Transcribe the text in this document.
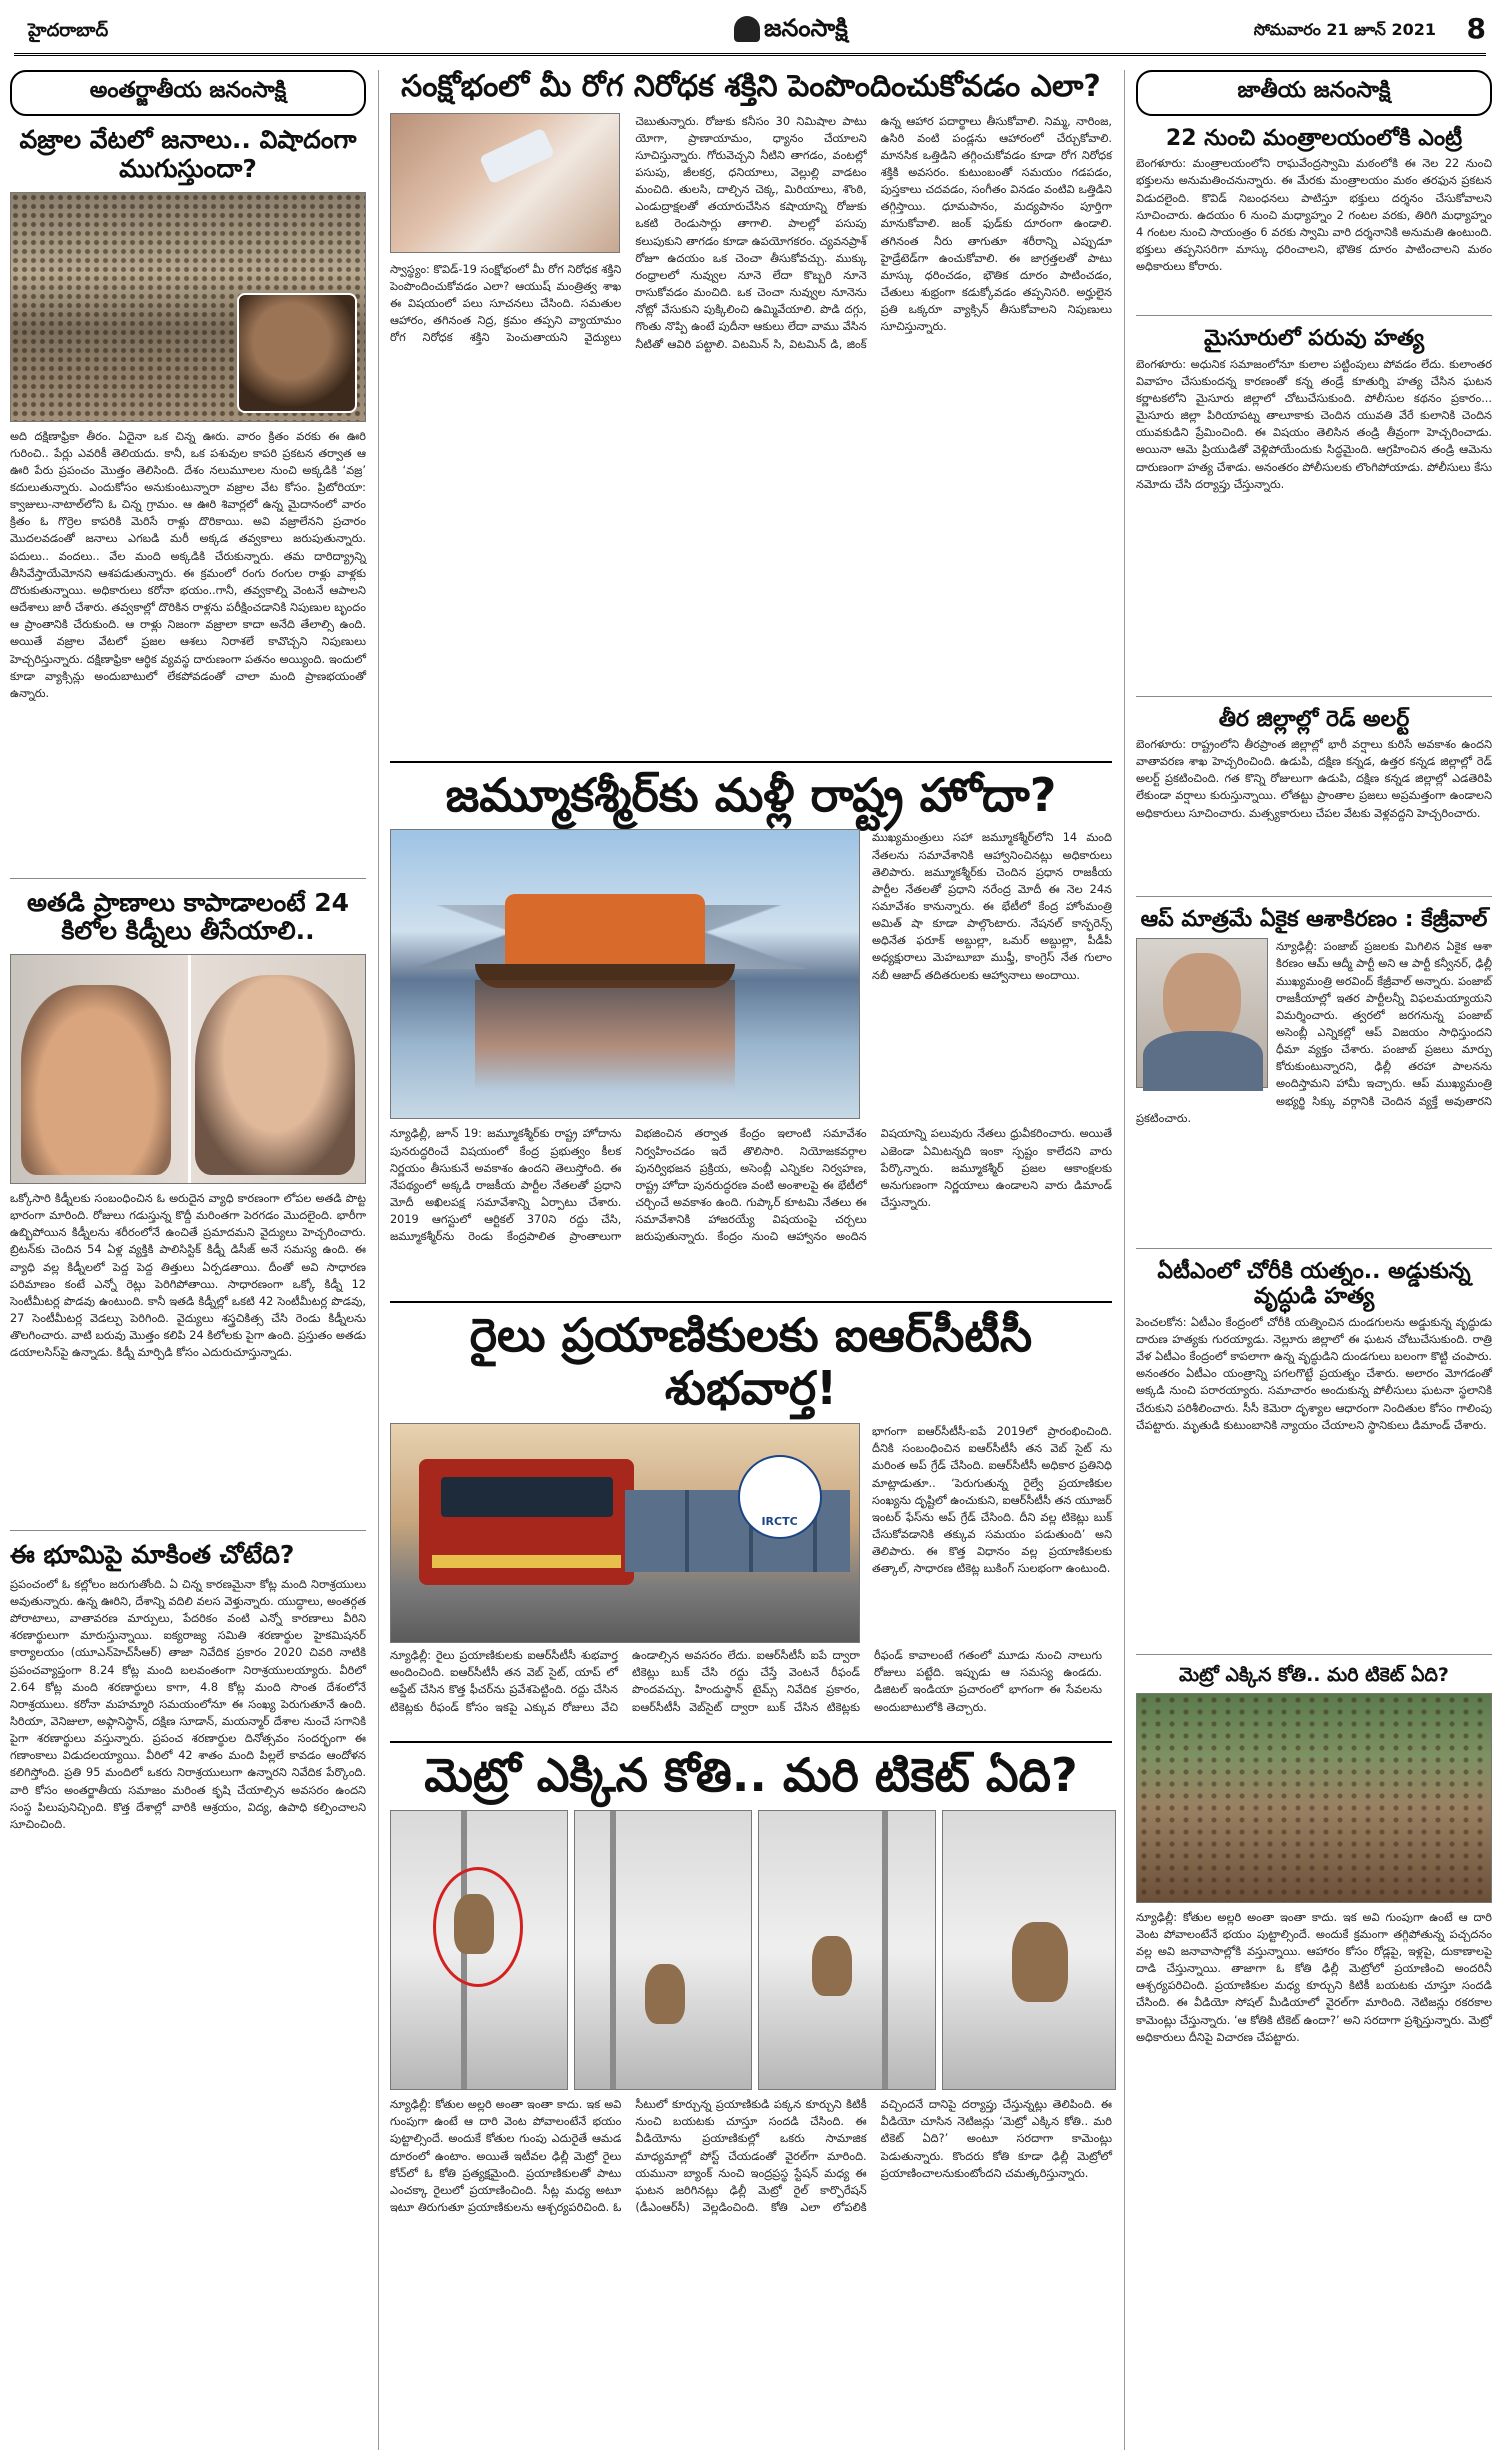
హైదరాబాద్	జనంసాక్షి	సోమవారం 21 జూన్ 2021 8
అంతర్జాతీయ జనంసాక్షి
వజ్రాల వేటలో జనాలు.. విషాదంగా ముగుస్తుందా?
అది దక్షిణాఫ్రికా తీరం. ఏదైనా ఒక చిన్న ఊరు. వారం క్రితం వరకు ఈ ఊరి గురించి.. పేర్లు ఎవరికీ తెలియదు. కానీ, ఒక పశువుల కాపరి ప్రకటన తర్వాత ఆ ఊరి పేరు ప్రపంచం మొత్తం తెలిసింది. దేశం నలుమూలల నుంచి అక్కడికి ‘వజ్ర’ కదులుతున్నారు. ఎందుకోసం అనుకుంటున్నారా వజ్రాల వేట కోసం. ప్రిటోరియా: క్వాజులు-నాటాల్‌లోని ఓ చిన్న గ్రామం. ఆ ఊరి శివార్లలో ఉన్న మైదానంలో వారం క్రితం ఓ గొర్రెల కాపరికి మెరిసే రాళ్లు దొరికాయి. అవి వజ్రాలేనని ప్రచారం మొదలవడంతో జనాలు ఎగబడి మరీ అక్కడ తవ్వకాలు జరుపుతున్నారు. పదులు.. వందలు.. వేల మంది అక్కడికి చేరుకున్నారు. తమ దారిద్య్రాన్ని తీసివేస్తాయేమోనని ఆశపడుతున్నారు. ఈ క్రమంలో రంగు రంగుల రాళ్లు వాళ్లకు దొరుకుతున్నాయి. అధికారులు కరోనా భయం..గానీ, తవ్వకాల్ని వెంటనే ఆపాలని ఆదేశాలు జారీ చేశారు. తవ్వకాల్లో దొరికిన రాళ్లను పరీక్షించడానికి నిపుణుల బృందం ఆ ప్రాంతానికి చేరుకుంది. ఆ రాళ్లు నిజంగా వజ్రాలా కాదా అనేది తేలాల్సి ఉంది. అయితే వజ్రాల వేటలో ప్రజల ఆశలు నిరాశలే కావొచ్చని నిపుణులు హెచ్చరిస్తున్నారు. దక్షిణాఫ్రికా ఆర్థిక వ్యవస్థ దారుణంగా పతనం అయ్యింది. ఇందులో కూడా వ్యాక్సిన్లు అందుబాటులో లేకపోవడంతో చాలా మంది ప్రాణభయంతో ఉన్నారు.
అతడి ప్రాణాలు కాపాడాలంటే 24 కిలోల కిడ్నీలు తీసేయాలి..
ఒక్కోసారి కిడ్నీలకు సంబంధించిన ఓ అరుదైన వ్యాధి కారణంగా లోపల అతడి పొట్ట భారంగా మారింది. రోజులు గడుస్తున్న కొద్దీ మరింతగా పెరగడం మొదలైంది. భారీగా ఉబ్బిపోయిన కిడ్నీలను శరీరంలోనే ఉంచితే ప్రమాదమని వైద్యులు హెచ్చరించారు. బ్రిటన్‌కు చెందిన 54 ఏళ్ల వ్యక్తికి పాలిసిస్టిక్ కిడ్నీ డిసీజ్ అనే సమస్య ఉంది. ఈ వ్యాధి వల్ల కిడ్నీలలో పెద్ద పెద్ద తిత్తులు ఏర్పడతాయి. దీంతో అవి సాధారణ పరిమాణం కంటే ఎన్నో రెట్లు పెరిగిపోతాయి. సాధారణంగా ఒక్కో కిడ్నీ 12 సెంటీమీటర్ల పొడవు ఉంటుంది. కానీ ఇతడి కిడ్నీల్లో ఒకటి 42 సెంటీమీటర్ల పొడవు, 27 సెంటీమీటర్ల వెడల్పు పెరిగింది. వైద్యులు శస్త్రచికిత్స చేసి రెండు కిడ్నీలను తొలగించారు. వాటి బరువు మొత్తం కలిపి 24 కిలోలకు పైగా ఉంది. ప్రస్తుతం అతడు డయాలసిస్‌పై ఉన్నాడు. కిడ్నీ మార్పిడి కోసం ఎదురుచూస్తున్నాడు.
ఈ భూమిపై మాకింత చోటేది?
ప్రపంచంలో ఓ కల్లోలం జరుగుతోంది. ఏ చిన్న కారణమైనా కోట్ల మంది నిరాశ్రయులు అవుతున్నారు. ఉన్న ఊరిని, దేశాన్ని వదిలి వలస వెళ్తున్నారు. యుద్ధాలు, అంతర్గత పోరాటాలు, వాతావరణ మార్పులు, పేదరికం వంటి ఎన్నో కారణాలు వీరిని శరణార్థులుగా మారుస్తున్నాయి. ఐక్యరాజ్య సమితి శరణార్థుల హైకమిషనర్ కార్యాలయం (యూఎన్‌హెచ్‌సీఆర్) తాజా నివేదిక ప్రకారం 2020 చివరి నాటికి ప్రపంచవ్యాప్తంగా 8.24 కోట్ల మంది బలవంతంగా నిరాశ్రయులయ్యారు. వీరిలో 2.64 కోట్ల మంది శరణార్థులు కాగా, 4.8 కోట్ల మంది సొంత దేశంలోనే నిరాశ్రయులు. కరోనా మహమ్మారి సమయంలోనూ ఈ సంఖ్య పెరుగుతూనే ఉంది. సిరియా, వెనిజులా, అఫ్గానిస్థాన్, దక్షిణ సూడాన్, మయన్మార్ దేశాల నుంచే సగానికి పైగా శరణార్థులు వస్తున్నారు. ప్రపంచ శరణార్థుల దినోత్సవం సందర్భంగా ఈ గణాంకాలు విడుదలయ్యాయి. వీరిలో 42 శాతం మంది పిల్లలే కావడం ఆందోళన కలిగిస్తోంది. ప్రతి 95 మందిలో ఒకరు నిరాశ్రయులుగా ఉన్నారని నివేదిక పేర్కొంది. వారి కోసం అంతర్జాతీయ సమాజం మరింత కృషి చేయాల్సిన అవసరం ఉందని సంస్థ పిలుపునిచ్చింది. కొత్త దేశాల్లో వారికి ఆశ్రయం, విద్య, ఉపాధి కల్పించాలని సూచించింది.
సంక్షోభంలో మీ రోగ నిరోధక శక్తిని పెంపొందించుకోవడం ఎలా?
స్వాస్థ్యం: కొవిడ్-19 సంక్షోభంలో మీ రోగ నిరోధక శక్తిని పెంపొందించుకోవడం ఎలా? ఆయుష్ మంత్రిత్వ శాఖ ఈ విషయంలో పలు సూచనలు చేసింది. సమతుల ఆహారం, తగినంత నిద్ర, క్రమం తప్పని వ్యాయామం రోగ నిరోధక శక్తిని పెంచుతాయని వైద్యులు చెబుతున్నారు. రోజుకు కనీసం 30 నిమిషాల పాటు యోగా, ప్రాణాయామం, ధ్యానం చేయాలని సూచిస్తున్నారు. గోరువెచ్చని నీటిని తాగడం, వంటల్లో పసుపు, జీలకర్ర, ధనియాలు, వెల్లుల్లి వాడటం మంచిది. తులసి, దాల్చిన చెక్క, మిరియాలు, శొంఠి, ఎండుద్రాక్షలతో తయారుచేసిన కషాయాన్ని రోజుకు ఒకటి రెండుసార్లు తాగాలి. పాలల్లో పసుపు కలుపుకుని తాగడం కూడా ఉపయోగకరం. చ్యవనప్రాశ్ రోజూ ఉదయం ఒక చెంచా తీసుకోవచ్చు. ముక్కు రంధ్రాలలో నువ్వుల నూనె లేదా కొబ్బరి నూనె రాసుకోవడం మంచిది. ఒక చెంచా నువ్వుల నూనెను నోట్లో వేసుకుని పుక్కిలించి ఉమ్మివేయాలి. పొడి దగ్గు, గొంతు నొప్పి ఉంటే పుదీనా ఆకులు లేదా వాము వేసిన నీటితో ఆవిరి పట్టాలి. విటమిన్ సి, విటమిన్ డి, జింక్ ఉన్న ఆహార పదార్థాలు తీసుకోవాలి. నిమ్మ, నారింజ, ఉసిరి వంటి పండ్లను ఆహారంలో చేర్చుకోవాలి. మానసిక ఒత్తిడిని తగ్గించుకోవడం కూడా రోగ నిరోధక శక్తికి అవసరం. కుటుంబంతో సమయం గడపడం, పుస్తకాలు చదవడం, సంగీతం వినడం వంటివి ఒత్తిడిని తగ్గిస్తాయి. ధూమపానం, మద్యపానం పూర్తిగా మానుకోవాలి. జంక్ ఫుడ్‌కు దూరంగా ఉండాలి. తగినంత నీరు తాగుతూ శరీరాన్ని ఎప్పుడూ హైడ్రేటెడ్‌గా ఉంచుకోవాలి. ఈ జాగ్రత్తలతో పాటు మాస్కు ధరించడం, భౌతిక దూరం పాటించడం, చేతులు శుభ్రంగా కడుక్కోవడం తప్పనిసరి. అర్హులైన ప్రతి ఒక్కరూ వ్యాక్సిన్ తీసుకోవాలని నిపుణులు సూచిస్తున్నారు.
జమ్మూకశ్మీర్‌కు మళ్లీ రాష్ట్ర హోదా?
ముఖ్యమంత్రులు సహా జమ్మూకశ్మీర్‌లోని 14 మంది నేతలను సమావేశానికి ఆహ్వానించినట్లు అధికారులు తెలిపారు. జమ్మూకశ్మీర్‌కు చెందిన ప్రధాన రాజకీయ పార్టీల నేతలతో ప్రధాని నరేంద్ర మోదీ ఈ నెల 24న సమావేశం కానున్నారు. ఈ భేటీలో కేంద్ర హోంమంత్రి అమిత్ షా కూడా పాల్గొంటారు. నేషనల్ కాన్ఫరెన్స్ అధినేత ఫరూక్ అబ్దుల్లా, ఒమర్ అబ్దుల్లా, పీడీపీ అధ్యక్షురాలు మెహబూబా ముఫ్తీ, కాంగ్రెస్ నేత గులాం నబీ ఆజాద్ తదితరులకు ఆహ్వానాలు అందాయి.
న్యూఢిల్లీ, జూన్ 19: జమ్మూకశ్మీర్‌కు రాష్ట్ర హోదాను పునరుద్ధరించే విషయంలో కేంద్ర ప్రభుత్వం కీలక నిర్ణయం తీసుకునే అవకాశం ఉందని తెలుస్తోంది. ఈ నేపథ్యంలో అక్కడి రాజకీయ పార్టీల నేతలతో ప్రధాని మోదీ అఖిలపక్ష సమావేశాన్ని ఏర్పాటు చేశారు. 2019 ఆగస్టులో ఆర్టికల్ 370ని రద్దు చేసి, జమ్మూకశ్మీర్‌ను రెండు కేంద్రపాలిత ప్రాంతాలుగా విభజించిన తర్వాత కేంద్రం ఇలాంటి సమావేశం నిర్వహించడం ఇదే తొలిసారి. నియోజకవర్గాల పునర్విభజన ప్రక్రియ, అసెంబ్లీ ఎన్నికల నిర్వహణ, రాష్ట్ర హోదా పునరుద్ధరణ వంటి అంశాలపై ఈ భేటీలో చర్చించే అవకాశం ఉంది. గుప్కార్ కూటమి నేతలు ఈ సమావేశానికి హాజరయ్యే విషయంపై చర్చలు జరుపుతున్నారు. కేంద్రం నుంచి ఆహ్వానం అందిన విషయాన్ని పలువురు నేతలు ధ్రువీకరించారు. అయితే ఎజెండా ఏమిటన్నది ఇంకా స్పష్టం కాలేదని వారు పేర్కొన్నారు. జమ్మూకశ్మీర్ ప్రజల ఆకాంక్షలకు అనుగుణంగా నిర్ణయాలు ఉండాలని వారు డిమాండ్ చేస్తున్నారు.
రైలు ప్రయాణికులకు ఐఆర్‌సీటీసీ శుభవార్త!
IRCTC
భాగంగా ఐఆర్‌సీటీసీ-ఐపే 2019లో ప్రారంభించింది. దీనికి సంబంధించిన ఐఆర్‌సీటీసీ తన వెబ్ సైట్ ను మరింత అప్ గ్రేడ్ చేసింది. ఐఆర్‌సీటీసీ అధికార ప్రతినిధి మాట్లాడుతూ.. ‘పెరుగుతున్న రైల్వే ప్రయాణికుల సంఖ్యను దృష్టిలో ఉంచుకుని, ఐఆర్‌సీటీసీ తన యూజర్ ఇంటర్ ఫేస్‌ను అప్ గ్రేడ్ చేసింది. దీని వల్ల టికెట్లు బుక్ చేసుకోవడానికి తక్కువ సమయం పడుతుంది’ అని తెలిపారు. ఈ కొత్త విధానం వల్ల ప్రయాణికులకు తత్కాల్, సాధారణ టికెట్ల బుకింగ్ సులభంగా ఉంటుంది.
న్యూఢిల్లీ: రైలు ప్రయాణికులకు ఐఆర్‌సీటీసీ శుభవార్త అందించింది. ఐఆర్‌సీటీసీ తన వెబ్ సైట్, యాప్ లో అప్డేట్ చేసిన కొత్త ఫీచర్‌ను ప్రవేశపెట్టింది. రద్దు చేసిన టికెట్లకు రీఫండ్ కోసం ఇకపై ఎక్కువ రోజులు వేచి ఉండాల్సిన అవసరం లేదు. ఐఆర్‌సీటీసీ ఐపే ద్వారా టికెట్లు బుక్ చేసి రద్దు చేస్తే వెంటనే రీఫండ్ పొందవచ్చు. హిందుస్థాన్ టైమ్స్ నివేదిక ప్రకారం, ఐఆర్‌సీటీసీ వెబ్‌సైట్ ద్వారా బుక్ చేసిన టికెట్లకు రీఫండ్ కావాలంటే గతంలో మూడు నుంచి నాలుగు రోజులు పట్టేది. ఇప్పుడు ఆ సమస్య ఉండదు. డిజిటల్ ఇండియా ప్రచారంలో భాగంగా ఈ సేవలను అందుబాటులోకి తెచ్చారు.
మెట్రో ఎక్కిన కోతి.. మరి టికెట్ ఏది?
న్యూఢిల్లీ: కోతుల అల్లరి అంతా ఇంతా కాదు. ఇక అవి గుంపుగా ఉంటే ఆ దారి వెంట పోవాలంటేనే భయం పుట్టాల్సిందే. అందుకే కోతుల గుంపు ఎదురైతే ఆమడ దూరంలో ఉంటాం. అయితే ఇటీవల ఢిల్లీ మెట్రో రైలు కోచ్‌లో ఓ కోతి ప్రత్యక్షమైంది. ప్రయాణికులతో పాటు ఎంచక్కా రైలులో ప్రయాణించింది. సీట్ల మధ్య అటూ ఇటూ తిరుగుతూ ప్రయాణికులను ఆశ్చర్యపరిచింది. ఓ సీటులో కూర్చున్న ప్రయాణికుడి పక్కన కూర్చుని కిటికీ నుంచి బయటకు చూస్తూ సందడి చేసింది. ఈ వీడియోను ప్రయాణికుల్లో ఒకరు సామాజిక మాధ్యమాల్లో పోస్ట్ చేయడంతో వైరల్‌గా మారింది. యమునా బ్యాంక్ నుంచి ఇంద్రప్రస్థ స్టేషన్ మధ్య ఈ ఘటన జరిగినట్లు ఢిల్లీ మెట్రో రైల్ కార్పొరేషన్ (డీఎంఆర్‌సీ) వెల్లడించింది. కోతి ఎలా లోపలికి వచ్చిందనే దానిపై దర్యాప్తు చేస్తున్నట్లు తెలిపింది. ఈ వీడియో చూసిన నెటిజన్లు ‘మెట్రో ఎక్కిన కోతి.. మరి టికెట్ ఏది?’ అంటూ సరదాగా కామెంట్లు పెడుతున్నారు. కొందరు కోతి కూడా ఢిల్లీ మెట్రోలో ప్రయాణించాలనుకుంటోందని చమత్కరిస్తున్నారు.
జాతీయ జనంసాక్షి
22 నుంచి మంత్రాలయంలోకి ఎంట్రీ
బెంగళూరు: మంత్రాలయంలోని రాఘవేంద్రస్వామి మఠంలోకి ఈ నెల 22 నుంచి భక్తులను అనుమతించనున్నారు. ఈ మేరకు మంత్రాలయం మఠం తరఫున ప్రకటన విడుదలైంది. కొవిడ్ నిబంధనలు పాటిస్తూ భక్తులు దర్శనం చేసుకోవాలని సూచించారు. ఉదయం 6 నుంచి మధ్యాహ్నం 2 గంటల వరకు, తిరిగి మధ్యాహ్నం 4 గంటల నుంచి సాయంత్రం 6 వరకు స్వామి వారి దర్శనానికి అనుమతి ఉంటుంది. భక్తులు తప్పనిసరిగా మాస్కు ధరించాలని, భౌతిక దూరం పాటించాలని మఠం అధికారులు కోరారు.
మైసూరులో పరువు హత్య
బెంగళూరు: అధునిక సమాజంలోనూ కులాల పట్టింపులు పోవడం లేదు. కులాంతర వివాహం చేసుకుందన్న కారణంతో కన్న తండ్రే కూతుర్ని హత్య చేసిన ఘటన కర్ణాటకలోని మైసూరు జిల్లాలో చోటుచేసుకుంది. పోలీసుల కథనం ప్రకారం... మైసూరు జిల్లా పిరియాపట్న తాలూకాకు చెందిన యువతి వేరే కులానికి చెందిన యువకుడిని ప్రేమించింది. ఈ విషయం తెలిసిన తండ్రి తీవ్రంగా హెచ్చరించాడు. అయినా ఆమె ప్రియుడితో వెళ్లిపోయేందుకు సిద్ధమైంది. ఆగ్రహించిన తండ్రి ఆమెను దారుణంగా హత్య చేశాడు. అనంతరం పోలీసులకు లొంగిపోయాడు. పోలీసులు కేసు నమోదు చేసి దర్యాప్తు చేస్తున్నారు.
తీర జిల్లాల్లో రెడ్ అలర్ట్
బెంగళూరు: రాష్ట్రంలోని తీరప్రాంత జిల్లాల్లో భారీ వర్షాలు కురిసే అవకాశం ఉందని వాతావరణ శాఖ హెచ్చరించింది. ఉడుపి, దక్షిణ కన్నడ, ఉత్తర కన్నడ జిల్లాల్లో రెడ్ అలర్ట్ ప్రకటించింది. గత కొన్ని రోజులుగా ఉడుపి, దక్షిణ కన్నడ జిల్లాల్లో ఎడతెరిపి లేకుండా వర్షాలు కురుస్తున్నాయి. లోతట్టు ప్రాంతాల ప్రజలు అప్రమత్తంగా ఉండాలని అధికారులు సూచించారు. మత్స్యకారులు చేపల వేటకు వెళ్లవద్దని హెచ్చరించారు.
ఆప్ మాత్రమే ఏకైక ఆశాకిరణం : కేజ్రీవాల్
న్యూఢిల్లీ: పంజాబ్ ప్రజలకు మిగిలిన ఏకైక ఆశా కిరణం ఆమ్ ఆద్మీ పార్టీ అని ఆ పార్టీ కన్వీనర్, ఢిల్లీ ముఖ్యమంత్రి అరవింద్ కేజ్రీవాల్ అన్నారు. పంజాబ్ రాజకీయాల్లో ఇతర పార్టీలన్నీ విఫలమయ్యాయని విమర్శించారు. త్వరలో జరగనున్న పంజాబ్ అసెంబ్లీ ఎన్నికల్లో ఆప్ విజయం సాధిస్తుందని ధీమా వ్యక్తం చేశారు. పంజాబ్ ప్రజలు మార్పు కోరుకుంటున్నారని, ఢిల్లీ తరహా పాలనను అందిస్తామని హామీ ఇచ్చారు. ఆప్ ముఖ్యమంత్రి అభ్యర్థి సిక్కు వర్గానికి చెందిన వ్యక్తే అవుతారని ప్రకటించారు.
ఏటీఎంలో చోరీకి యత్నం.. అడ్డుకున్న వృద్ధుడి హత్య
పెంచలకోన: ఏటీఎం కేంద్రంలో చోరీకి యత్నించిన దుండగులను అడ్డుకున్న వృద్ధుడు దారుణ హత్యకు గురయ్యాడు. నెల్లూరు జిల్లాలో ఈ ఘటన చోటుచేసుకుంది. రాత్రి వేళ ఏటీఎం కేంద్రంలో కాపలాగా ఉన్న వృద్ధుడిని దుండగులు బలంగా కొట్టి చంపారు. అనంతరం ఏటీఎం యంత్రాన్ని పగలగొట్టే ప్రయత్నం చేశారు. అలారం మోగడంతో అక్కడి నుంచి పరారయ్యారు. సమాచారం అందుకున్న పోలీసులు ఘటనా స్థలానికి చేరుకుని పరిశీలించారు. సీసీ కెమెరా దృశ్యాల ఆధారంగా నిందితుల కోసం గాలింపు చేపట్టారు. మృతుడి కుటుంబానికి న్యాయం చేయాలని స్థానికులు డిమాండ్ చేశారు.
మెట్రో ఎక్కిన కోతి.. మరి టికెట్ ఏది?
న్యూఢిల్లీ: కోతుల అల్లరి అంతా ఇంతా కాదు. ఇక అవి గుంపుగా ఉంటే ఆ దారి వెంట పోవాలంటేనే భయం పుట్టాల్సిందే. అందుకే క్రమంగా తగ్గిపోతున్న పచ్చదనం వల్ల అవి జనావాసాల్లోకి వస్తున్నాయి. ఆహారం కోసం రోడ్లపై, ఇళ్లపై, దుకాణాలపై దాడి చేస్తున్నాయి. తాజాగా ఓ కోతి ఢిల్లీ మెట్రోలో ప్రయాణించి అందరినీ ఆశ్చర్యపరిచింది. ప్రయాణికుల మధ్య కూర్చుని కిటికీ బయటకు చూస్తూ సందడి చేసింది. ఈ వీడియో సోషల్ మీడియాలో వైరల్‌గా మారింది. నెటిజన్లు రకరకాల కామెంట్లు చేస్తున్నారు. ‘ఆ కోతికి టికెట్ ఉందా?’ అని సరదాగా ప్రశ్నిస్తున్నారు. మెట్రో అధికారులు దీనిపై విచారణ చేపట్టారు.
